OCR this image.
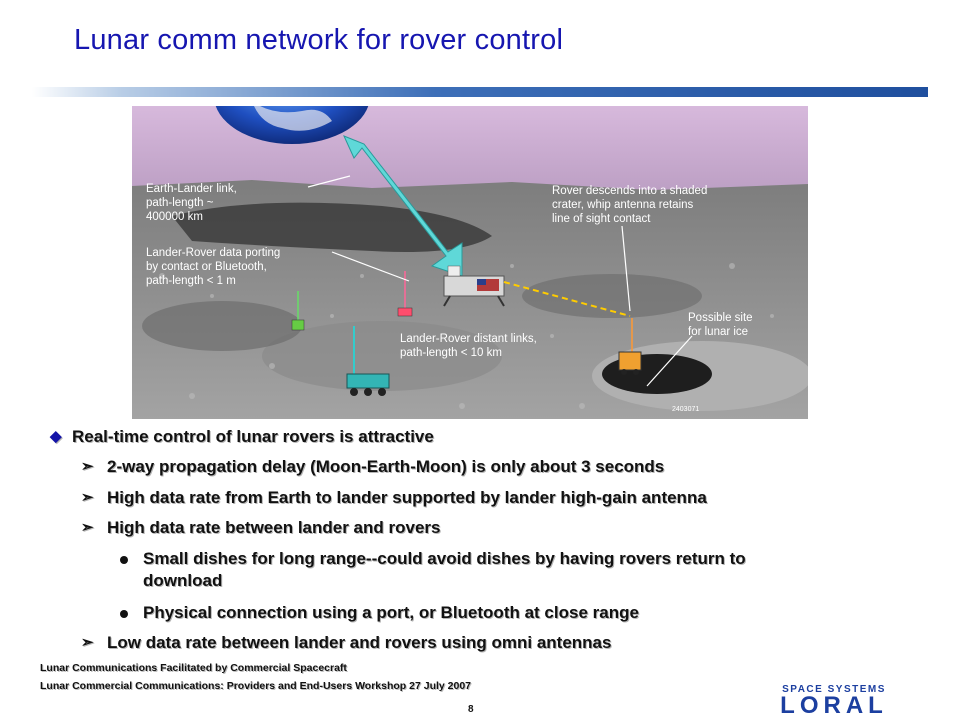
Lunar comm network for rover control
Earth-Lander link,
path-length ~
400000 km
Lander-Rover data porting
by contact or Bluetooth,
path-length < 1 m
Rover descends into a shaded
crater, whip antenna retains
line of sight contact
Possible site
for lunar ice
Lander-Rover distant links,
path-length < 10 km
2403071
◆ Real-time control of lunar rovers is attractive
➣ 2-way propagation delay (Moon-Earth-Moon) is only about 3 seconds
➣ High data rate from Earth to lander supported by lander high-gain antenna
➣ High data rate between lander and rovers
Small dishes for long range--could avoid dishes by having rovers return to
download
Physical connection using a port, or Bluetooth at close range
➣ Low data rate between lander and rovers using omni antennas
Lunar Communications Facilitated by Commercial Spacecraft
Lunar Commercial Communications: Providers and End-Users Workshop 27 July 2007
8
SPACE SYSTEMS
LORAL
